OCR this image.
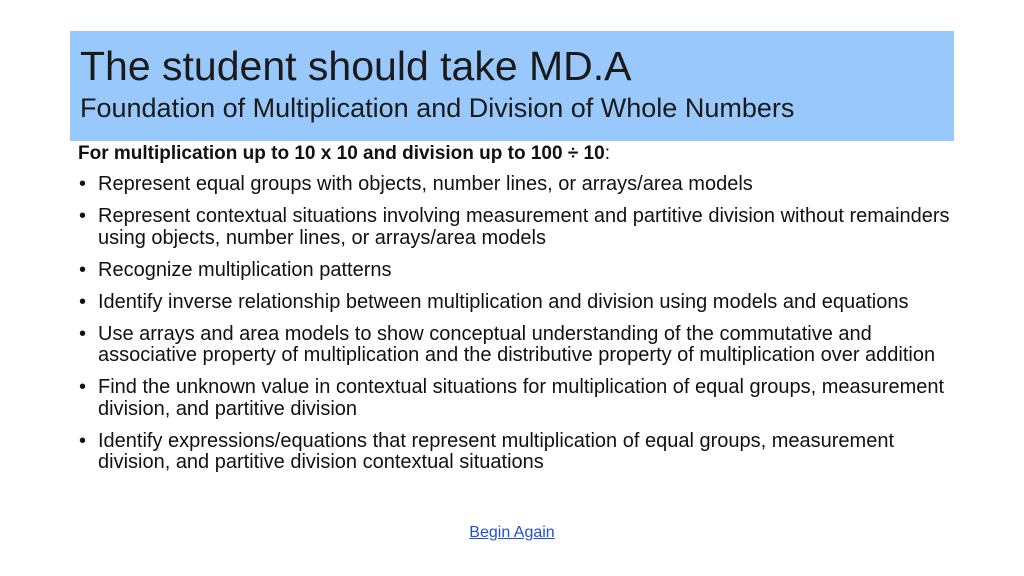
The student should take MD.A
Foundation of Multiplication and Division of Whole Numbers
For multiplication up to 10 x 10 and division up to 100 ÷ 10:
• Represent equal groups with objects, number lines, or arrays/area models
• Represent contextual situations involving measurement and partitive division without remainders using objects, number lines, or arrays/area models
• Recognize multiplication patterns
• Identify inverse relationship between multiplication and division using models and equations
• Use arrays and area models to show conceptual understanding of the commutative and associative property of multiplication and the distributive property of multiplication over addition
• Find the unknown value in contextual situations for multiplication of equal groups, measurement division, and partitive division
• Identify expressions/equations that represent multiplication of equal groups, measurement division, and partitive division contextual situations
Begin Again
